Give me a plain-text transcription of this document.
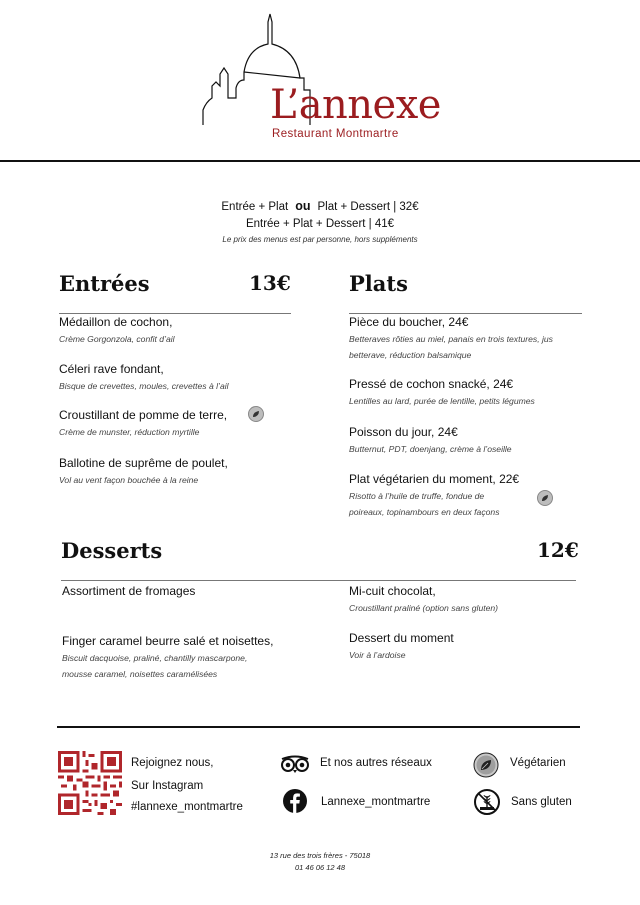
L’annexe
Restaurant Montmartre
Entrée + Plat ou Plat + Dessert | 32€
Entrée + Plat + Dessert | 41€
Le prix des menus est par personne, hors suppléments
Entrées	13€
Médaillon de cochon,
Crème Gorgonzola, confit d’ail
Céleri rave fondant,
Bisque de crevettes, moules, crevettes à l’ail
Croustillant de pomme de terre,
Crème de munster, réduction myrtille
Ballotine de suprême de poulet,
Vol au vent façon bouchée à la reine
Plats
Pièce du boucher, 24€
Betteraves rôties au miel, panais en trois textures, jus
betterave, réduction balsamique
Pressé de cochon snacké, 24€
Lentilles au lard, purée de lentille, petits légumes
Poisson du jour, 24€
Butternut, PDT, doenjang, crème à l’oseille
Plat végétarien du moment, 22€
Risotto à l’huile de truffe, fondue de
poireaux, topinambours en deux façons
Desserts	12€
Assortiment de fromages
Finger caramel beurre salé et noisettes,
Biscuit dacquoise, praliné, chantilly mascarpone,
mousse caramel, noisettes caramélisées
Mi-cuit chocolat,
Croustillant praliné (option sans gluten)
Dessert du moment
Voir à l’ardoise
Rejoignez nous,
Sur Instagram
#lannexe_montmartre
Et nos autres réseaux
Lannexe_montmartre
Végétarien
Sans gluten
13 rue des trois frères - 75018
01 46 06 12 48
